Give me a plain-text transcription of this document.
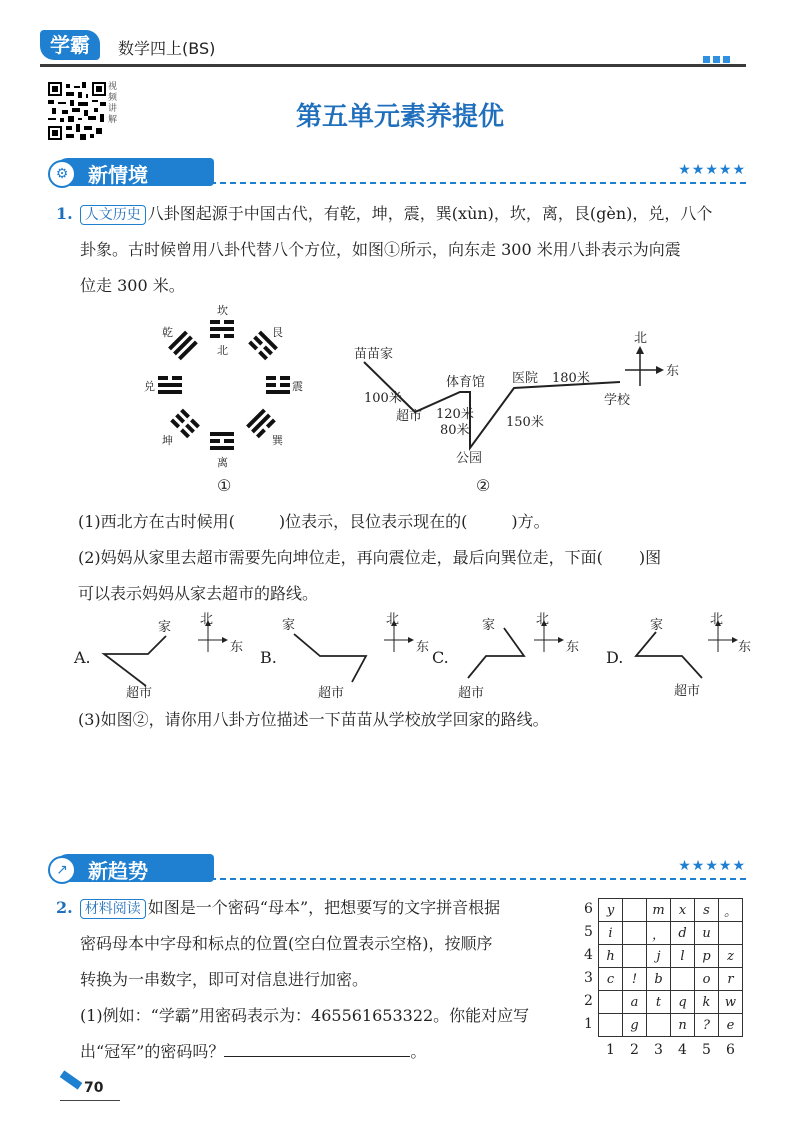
学霸	数学四上(BS)
视频讲解	第五单元素养提优
⚙ 新情境	★★★★★
1. 人文历史 八卦图起源于中国古代，有乾，坤，震，巽(xùn)，坎，离，艮(gèn)，兑，八个
卦象。古时候曾用八卦代替八个方位，如图①所示，向东走 300 米用八卦表示为向震
位走 300 米。
坎
北
乾	艮
兑	震
坤	巽
离
①
北
东
苗苗家
100米
超市
体育馆
120米
80米
公园
150米
医院 180米
学校
②
(1)西北方在古时候用(	)位表示，艮位表示现在的(	)方。
(2)妈妈从家里去超市需要先向坤位走，再向震位走，最后向巽位走，下面( )图
可以表示妈妈从家去超市的路线。
A.
家
北
东
超市
B.
家	北
东
超市
C.
家	北
东
超市
D.
家	北
东
超市
(3)如图②，请你用八卦方位描述一下苗苗从学校放学回家的路线。
↗	新趋势	★★★★★
2. 材料阅读 如图是一个密码“母本”，把想要写的文字拼音根据
密码母本中字母和标点的位置(空白位置表示空格)，按顺序
转换为一串数字，即可对信息进行加密。
(1)例如：“学霸”用密码表示为：465561653322。你能对应写
出“冠军”的密码吗？	。
6
5
4
3
2
1
y		m	x	s	。
i		，	d	u	
h		j	l	p	z
c	!	b		o	r
	a	t	q	k	w
	g		n	?	e
1 2 3 4 5 6
70
